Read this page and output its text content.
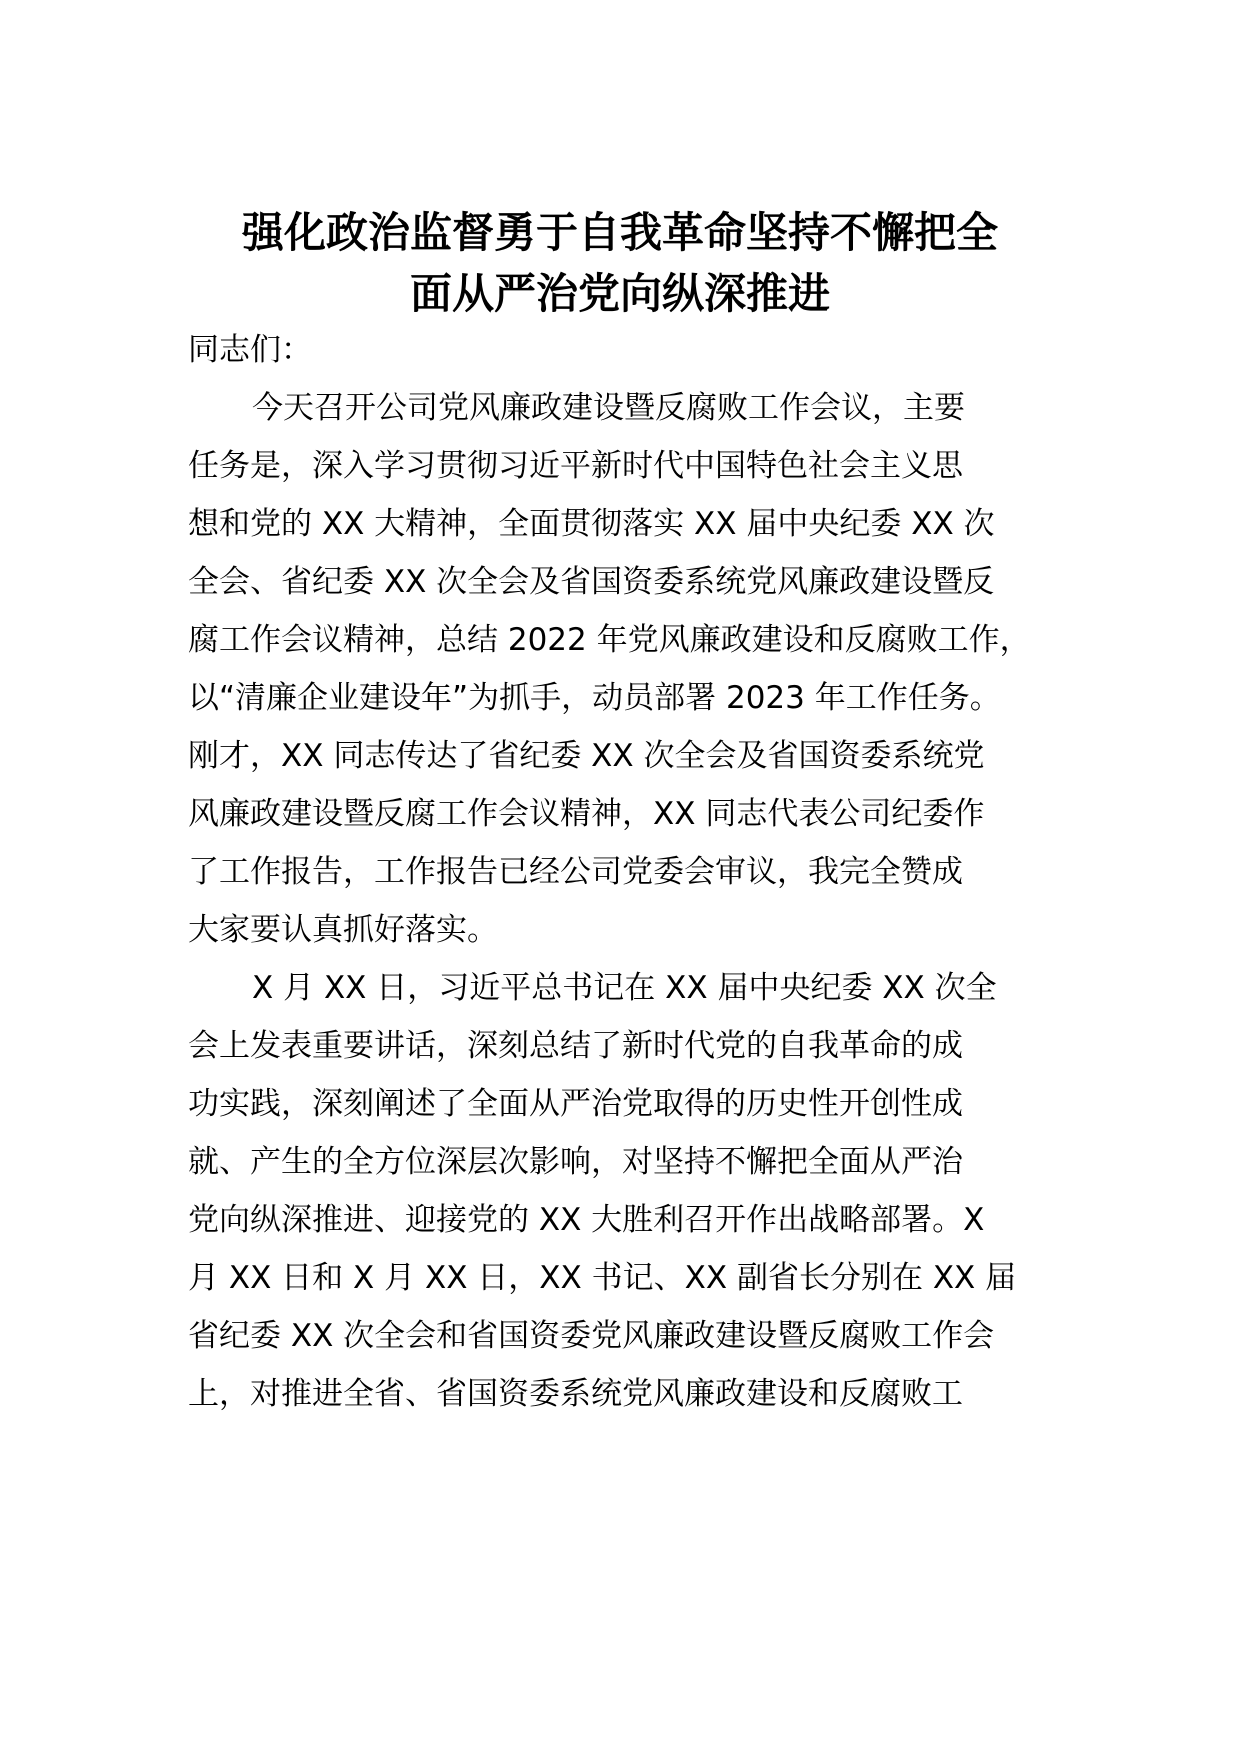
强化政治监督勇于自我革命坚持不懈把全
面从严治党向纵深推进
同志们：
今天召开公司党风廉政建设暨反腐败工作会议，主要
任务是，深入学习贯彻习近平新时代中国特色社会主义思
想和党的 XX 大精神，全面贯彻落实 XX 届中央纪委 XX 次
全会、省纪委 XX 次全会及省国资委系统党风廉政建设暨反
腐工作会议精神，总结 2022 年党风廉政建设和反腐败工作，
以“清廉企业建设年”为抓手，动员部署 2023 年工作任务。
刚才，XX 同志传达了省纪委 XX 次全会及省国资委系统党
风廉政建设暨反腐工作会议精神，XX 同志代表公司纪委作
了工作报告，工作报告已经公司党委会审议，我完全赞成
大家要认真抓好落实。
X 月 XX 日，习近平总书记在 XX 届中央纪委 XX 次全
会上发表重要讲话，深刻总结了新时代党的自我革命的成
功实践，深刻阐述了全面从严治党取得的历史性开创性成
就、产生的全方位深层次影响，对坚持不懈把全面从严治
党向纵深推进、迎接党的 XX 大胜利召开作出战略部署。X
月 XX 日和 X 月 XX 日，XX 书记、XX 副省长分别在 XX 届
省纪委 XX 次全会和省国资委党风廉政建设暨反腐败工作会
上，对推进全省、省国资委系统党风廉政建设和反腐败工
